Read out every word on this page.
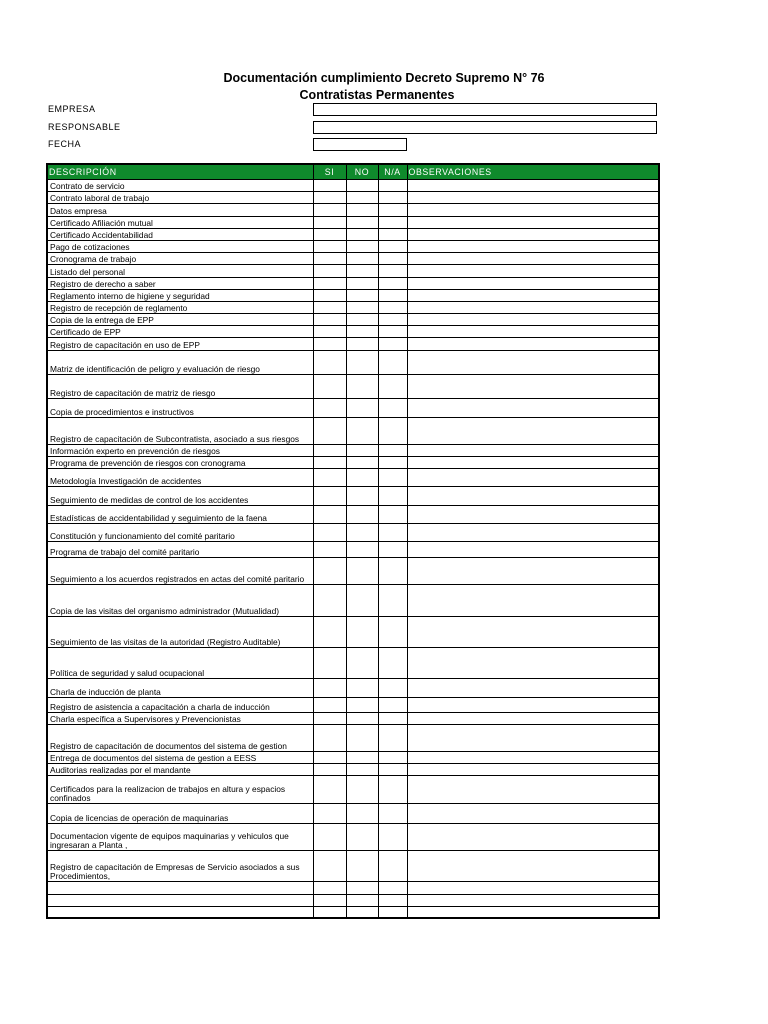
Documentación cumplimiento Decreto Supremo N° 76
Contratistas Permanentes
EMPRESA
RESPONSABLE
FECHA
DESCRIPCIÓN	SI	NO	N/A	OBSERVACIONES
Contrato de servicio				
Contrato laboral de trabajo				
Datos empresa				
Certificado Afiliación mutual				
Certificado Accidentabilidad				
Pago de cotizaciones				
Cronograma de trabajo				
Listado del personal				
Registro de derecho a saber				
Reglamento interno de higiene y seguridad				
Registro de recepción de reglamento				
Copia de la entrega de EPP				
Certificado de EPP				
Registro de capacitación en uso de EPP				
Matriz de identificación de peligro y evaluación de riesgo				
Registro de capacitación de matriz de riesgo				
Copia de procedimientos e instructivos				
Registro de capacitación de Subcontratista, asociado a sus riesgos				
Información experto en prevención de riesgos				
Programa de prevención de riesgos con cronograma				
Metodología Investigación de accidentes				
Seguimiento de medidas de control de los accidentes				
Estadísticas de accidentabilidad y seguimiento de la faena				
Constitución y funcionamiento del comité paritario				
Programa de trabajo del comité paritario				
Seguimiento a los acuerdos registrados en actas del comité paritario				
Copia de las visitas del organismo administrador (Mutualidad)				
Seguimiento de las visitas de la autoridad (Registro Auditable)				
Política de seguridad y salud ocupacional				
Charla de inducción de planta				
Registro de asistencia a capacitación a charla de inducción				
Charla específica a Supervisores y Prevencionistas				
Registro de capacitación de documentos del sistema de gestion				
Entrega de documentos del sistema de gestion a EESS				
Auditorias realizadas por el mandante				
Certificados para la realizacion de trabajos en altura y espacios confinados				
Copia de licencias de operación de maquinarias				
Documentacion vigente de equipos maquinarias y vehiculos que ingresaran a Planta ,				
Registro de capacitación de Empresas de Servicio asociados a sus Procedimientos,				
